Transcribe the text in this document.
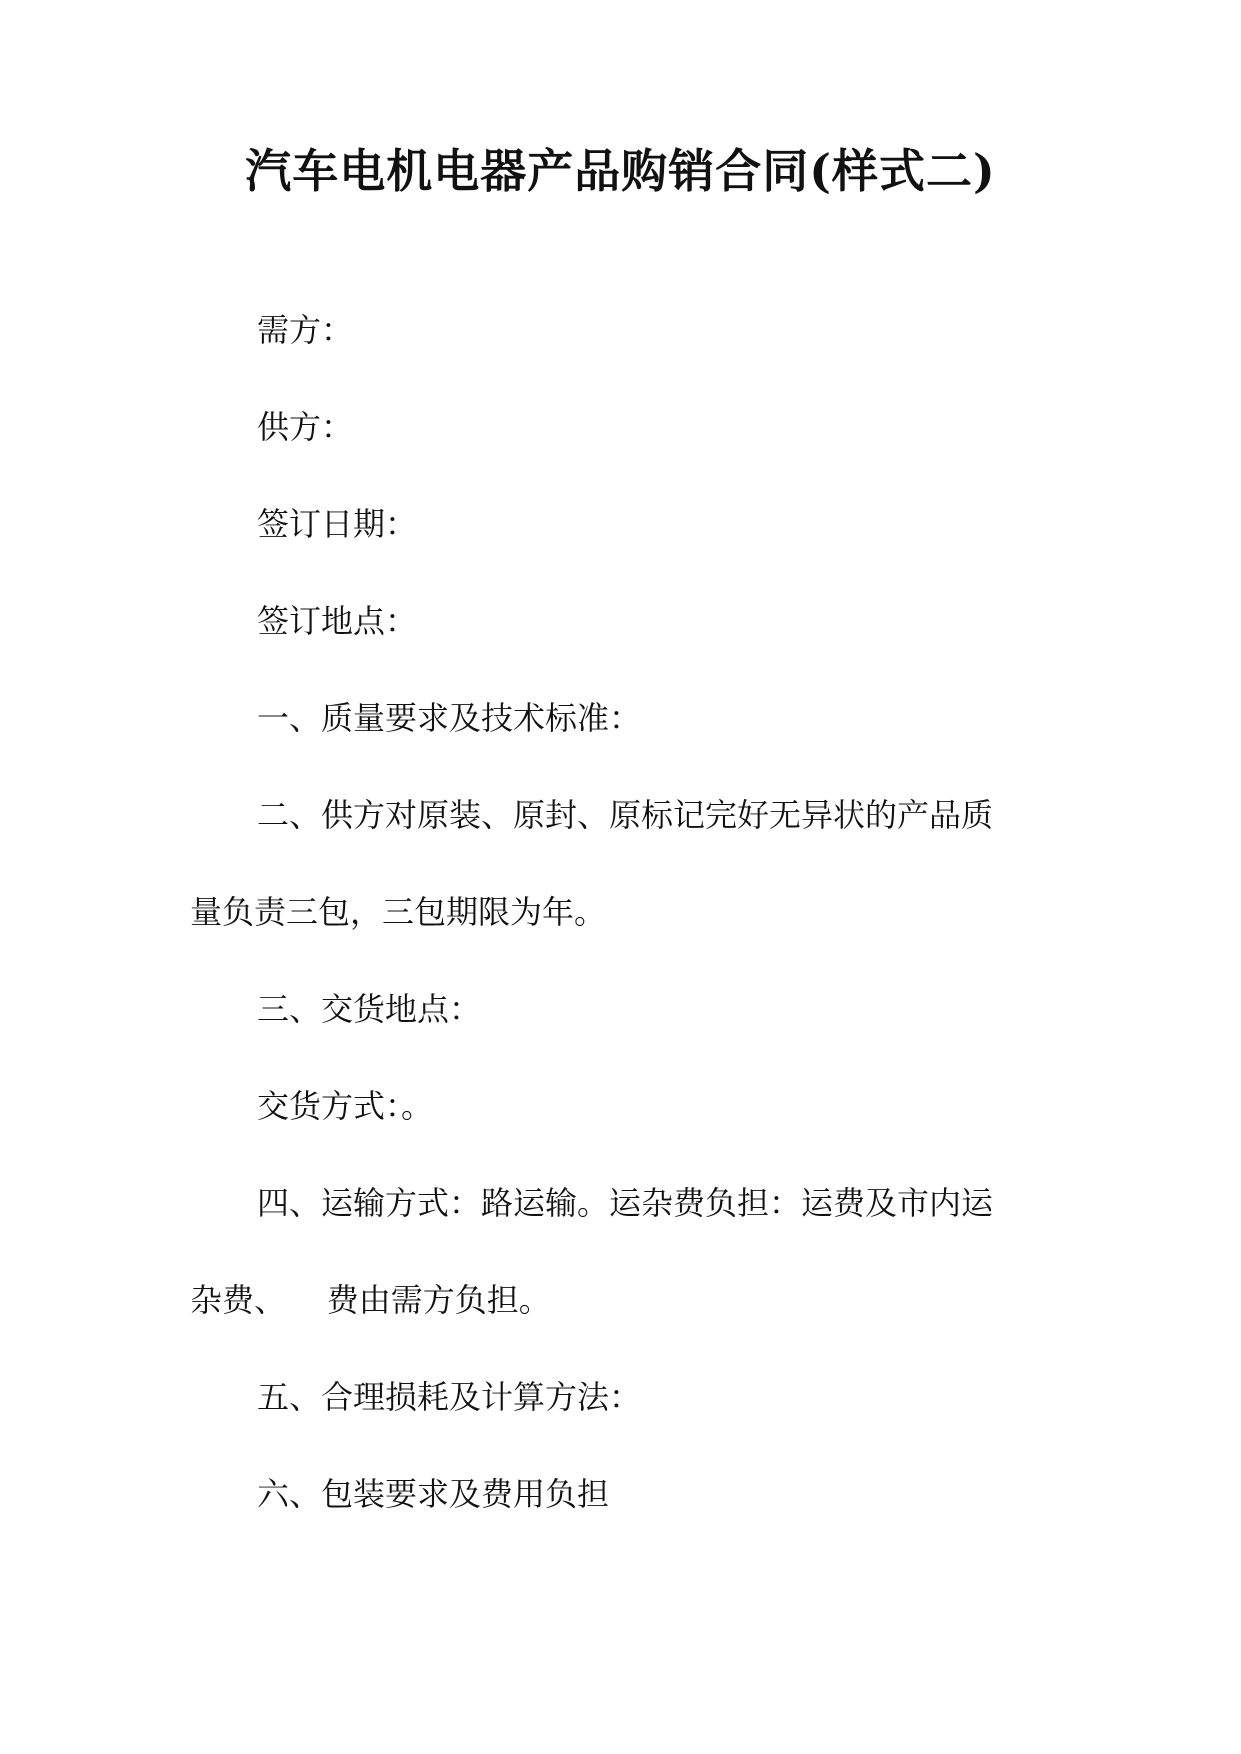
汽车电机电器产品购销合同(样式二)
需方：
供方：
签订日期：
签订地点：
一、质量要求及技术标准：
二、供方对原装、原封、原标记完好无异状的产品质
量负责三包，三包期限为年。
三、交货地点：
交货方式：。
四、运输方式：路运输。运杂费负担：运费及市内运
杂费、    费由需方负担。
五、合理损耗及计算方法：
六、包装要求及费用负担
